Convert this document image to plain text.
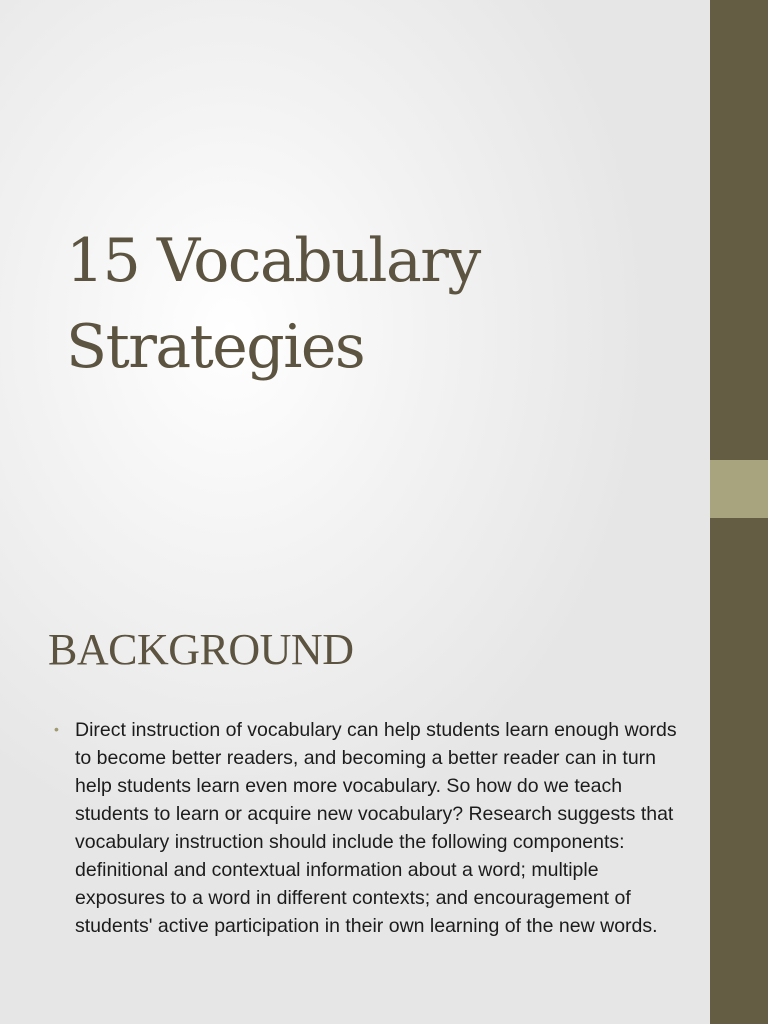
15 Vocabulary Strategies
BACKGROUND
• Direct instruction of vocabulary can help students learn enough words to become better readers, and becoming a better reader can in turn help students learn even more vocabulary. So how do we teach students to learn or acquire new vocabulary? Research suggests that vocabulary instruction should include the following components: definitional and contextual information about a word; multiple exposures to a word in different contexts; and encouragement of students' active participation in their own learning of the new words.
